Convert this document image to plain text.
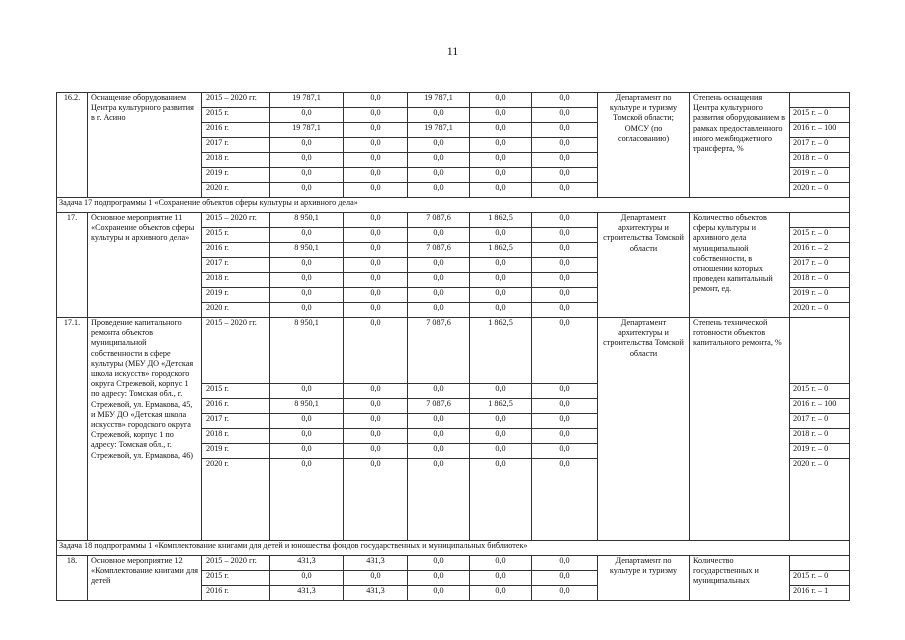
11
16.2.	Оснащение оборудованием Центра культурного развития в г. Асино	2015 – 2020 гг.	19 787,1	0,0	19 787,1	0,0	0,0	Департамент по культуре и туризму Томской области; ОМСУ (по согласованию)	Степень оснащения Центра культурного развития оборудованием в рамках предоставленного иного межбюджетного трансферта, %	
		2015 г.	0,0	0,0	0,0	0,0	0,0			2015 г. – 0
		2016 г.	19 787,1	0,0	19 787,1	0,0	0,0			2016 г. – 100
		2017 г.	0,0	0,0	0,0	0,0	0,0			2017 г. – 0
		2018 г.	0,0	0,0	0,0	0,0	0,0			2018 г. – 0
		2019 г.	0,0	0,0	0,0	0,0	0,0			2019 г. – 0
		2020 г.	0,0	0,0	0,0	0,0	0,0			2020 г. – 0
Задача 17 подпрограммы 1 «Сохранение объектов сферы культуры и архивного дела»										
17.	Основное мероприятие 11 «Сохранение объектов сферы культуры и архивного дела»	2015 – 2020 гг.	8 950,1	0,0	7 087,6	1 862,5	0,0	Департамент архитектуры и строительства Томской области	Количество объектов сферы культуры и архивного дела муниципальной собственности, в отношении которых проведен капитальный ремонт, ед.	
		2015 г.	0,0	0,0	0,0	0,0	0,0			2015 г. – 0
		2016 г.	8 950,1	0,0	7 087,6	1 862,5	0,0			2016 г. – 2
		2017 г.	0,0	0,0	0,0	0,0	0,0			2017 г. – 0
		2018 г.	0,0	0,0	0,0	0,0	0,0			2018 г. – 0
		2019 г.	0,0	0,0	0,0	0,0	0,0			2019 г. – 0
		2020 г.	0,0	0,0	0,0	0,0	0,0			2020 г. – 0
17.1.	Проведение капитального ремонта объектов муниципальной собственности в сфере культуры (МБУ ДО «Детская школа искусств» городского округа Стрежевой, корпус 1 по адресу: Томская обл., г. Стрежевой, ул. Ермакова, 45, и МБУ ДО «Детская школа искусств» городского округа Стрежевой, корпус 1 по адресу: Томская обл., г. Стрежевой, ул. Ермакова, 46)	2015 – 2020 гг.	8 950,1	0,0	7 087,6	1 862,5	0,0	Департамент архитектуры и строительства Томской области	Степень технической готовности объектов капитального ремонта, %	
		2015 г.	0,0	0,0	0,0	0,0	0,0			2015 г. – 0
		2016 г.	8 950,1	0,0	7 087,6	1 862,5	0,0			2016 г. – 100
		2017 г.	0,0	0,0	0,0	0,0	0,0			2017 г. – 0
		2018 г.	0,0	0,0	0,0	0,0	0,0			2018 г. – 0
		2019 г.	0,0	0,0	0,0	0,0	0,0			2019 г. – 0
		2020 г.	0,0	0,0	0,0	0,0	0,0			2020 г. – 0
Задача 18 подпрограммы 1 «Комплектование книгами для детей и юношества фондов государственных и муниципальных библиотек»										
18.	Основное мероприятие 12 «Комплектование книгами для детей	2015 – 2020 гг.	431,3	431,3	0,0	0,0	0,0	Департамент по культуре и туризму	Количество государственных и муниципальных	
		2015 г.	0,0	0,0	0,0	0,0	0,0			2015 г. – 0
		2016 г.	431,3	431,3	0,0	0,0	0,0			2016 г. – 1
